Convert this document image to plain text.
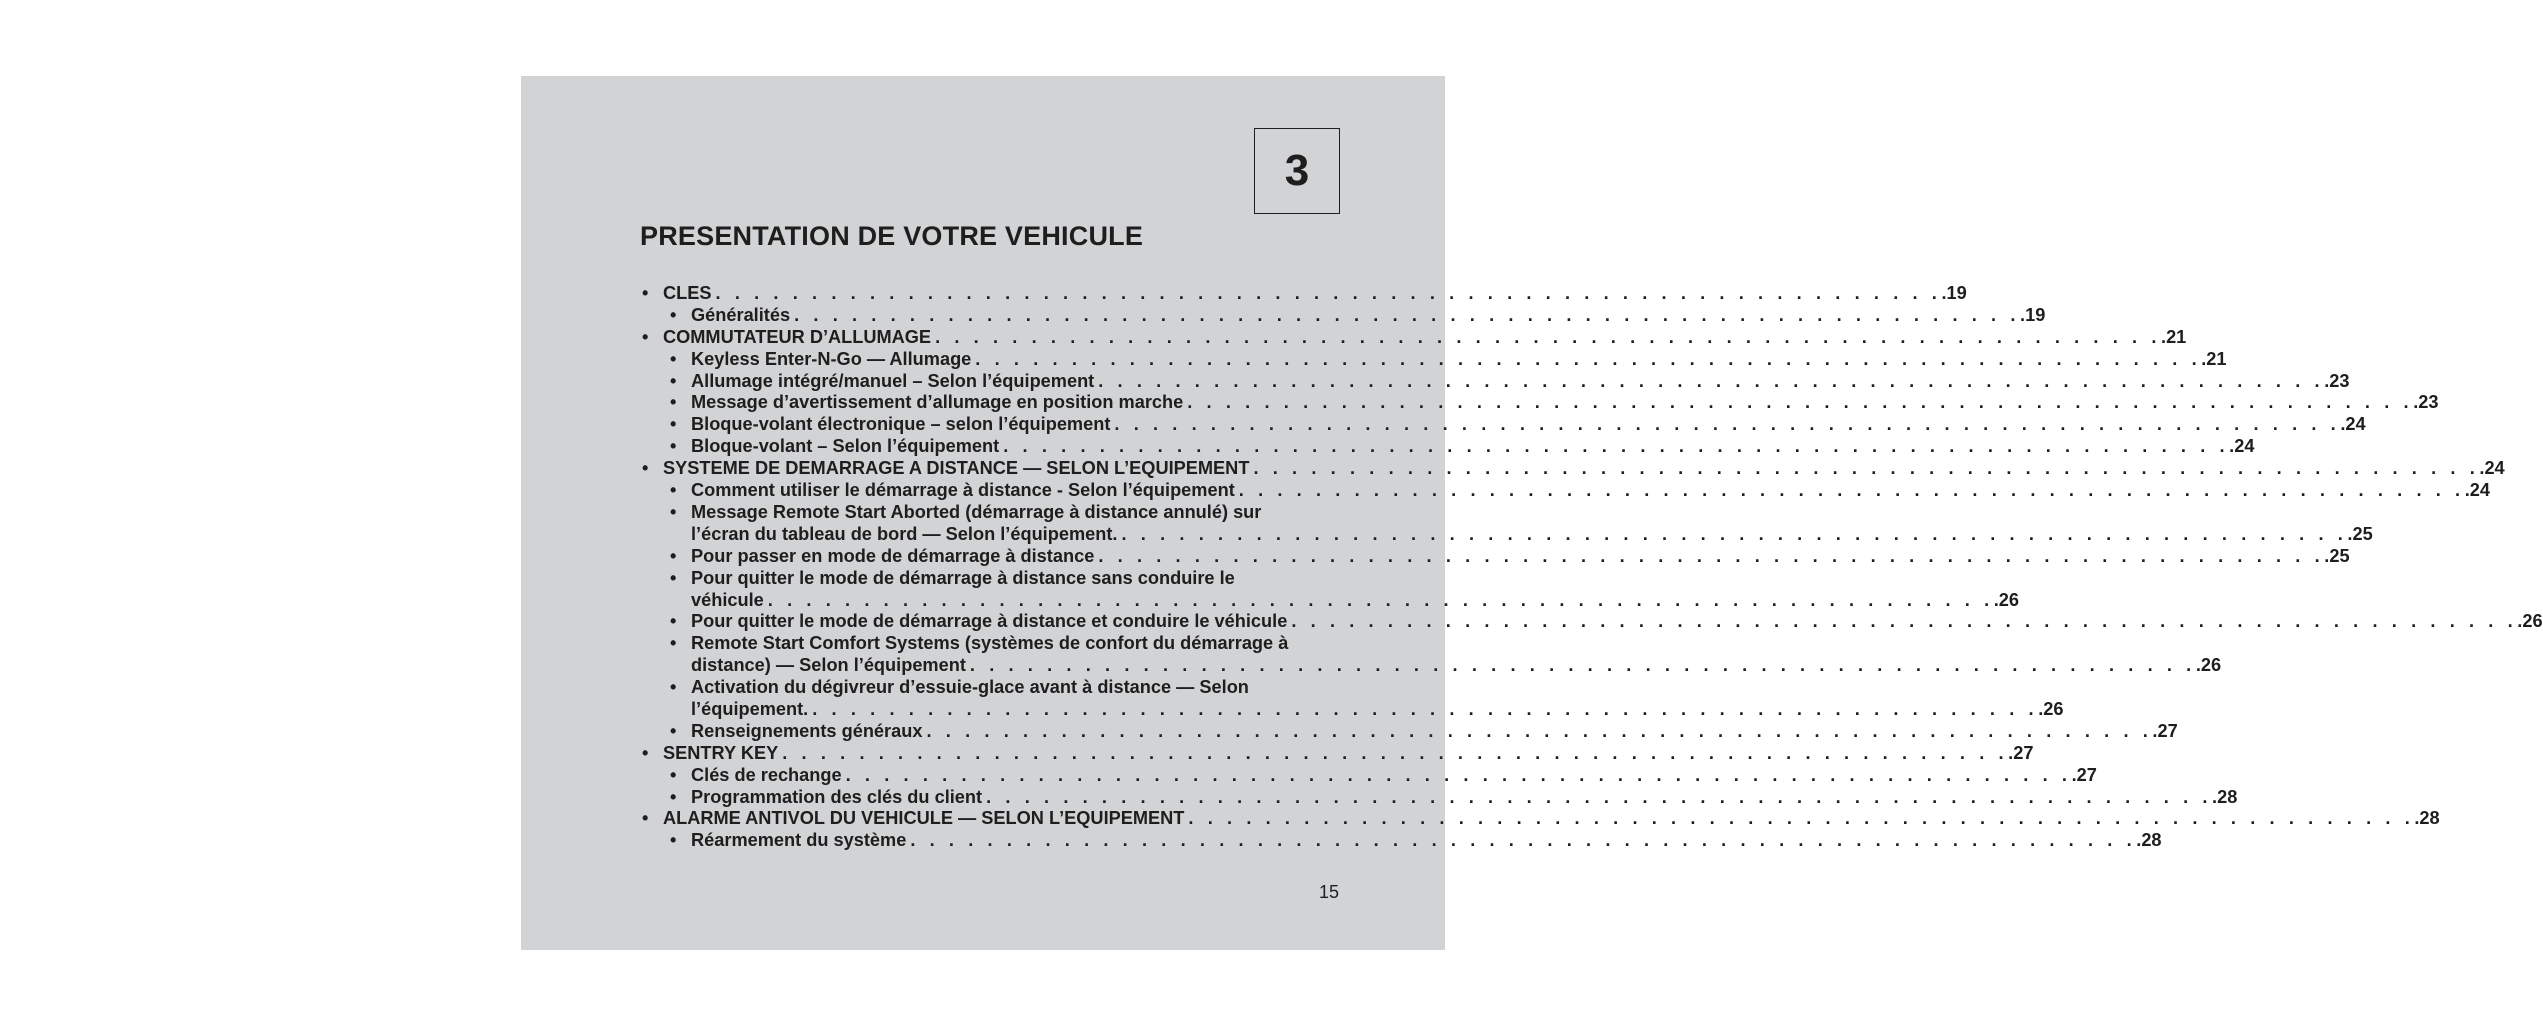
3
PRESENTATION DE VOTRE VEHICULE
• CLES . . . . . . . . . . . . . . . . . . . . . . . . . . . . . . . . . . . . . . . . . . . . . . . . . . . . . . . . . . . . . . . . .19
• Généralités . . . . . . . . . . . . . . . . . . . . . . . . . . . . . . . . . . . . . . . . . . . . . . . . . . . . . . . . . . . . . . . . .19
• COMMUTATEUR D’ALLUMAGE . . . . . . . . . . . . . . . . . . . . . . . . . . . . . . . . . . . . . . . . . . . . . . . . . . . . . . . . . . . . . . . . .21
• Keyless Enter-N-Go — Allumage . . . . . . . . . . . . . . . . . . . . . . . . . . . . . . . . . . . . . . . . . . . . . . . . . . . . . . . . . . . . . . . . .21
• Allumage intégré/manuel – Selon l’équipement . . . . . . . . . . . . . . . . . . . . . . . . . . . . . . . . . . . . . . . . . . . . . . . . . . . . . . . . . . . . . . . . .23
• Message d’avertissement d’allumage en position marche . . . . . . . . . . . . . . . . . . . . . . . . . . . . . . . . . . . . . . . . . . . . . . . . . . . . . . . . . . . . . . . . .23
• Bloque-volant électronique – selon l’équipement . . . . . . . . . . . . . . . . . . . . . . . . . . . . . . . . . . . . . . . . . . . . . . . . . . . . . . . . . . . . . . . . .24
• Bloque-volant – Selon l’équipement . . . . . . . . . . . . . . . . . . . . . . . . . . . . . . . . . . . . . . . . . . . . . . . . . . . . . . . . . . . . . . . . .24
• SYSTEME DE DEMARRAGE A DISTANCE — SELON L’EQUIPEMENT . . . . . . . . . . . . . . . . . . . . . . . . . . . . . . . . . . . . . . . . . . . . . . . . . . . . . . . . . . . . . . . . .24
• Comment utiliser le démarrage à distance - Selon l’équipement . . . . . . . . . . . . . . . . . . . . . . . . . . . . . . . . . . . . . . . . . . . . . . . . . . . . . . . . . . . . . . . . .24
• Message Remote Start Aborted (démarrage à distance annulé) sur
l’écran du tableau de bord — Selon l’équipement. . . . . . . . . . . . . . . . . . . . . . . . . . . . . . . . . . . . . . . . . . . . . . . . . . . . . . . . . . . . . . . . . .25
• Pour passer en mode de démarrage à distance . . . . . . . . . . . . . . . . . . . . . . . . . . . . . . . . . . . . . . . . . . . . . . . . . . . . . . . . . . . . . . . . .25
• Pour quitter le mode de démarrage à distance sans conduire le
véhicule . . . . . . . . . . . . . . . . . . . . . . . . . . . . . . . . . . . . . . . . . . . . . . . . . . . . . . . . . . . . . . . . .26
• Pour quitter le mode de démarrage à distance et conduire le véhicule . . . . . . . . . . . . . . . . . . . . . . . . . . . . . . . . . . . . . . . . . . . . . . . . . . . . . . . . . . . . . . . . .26
• Remote Start Comfort Systems (systèmes de confort du démarrage à
distance) — Selon l’équipement . . . . . . . . . . . . . . . . . . . . . . . . . . . . . . . . . . . . . . . . . . . . . . . . . . . . . . . . . . . . . . . . .26
• Activation du dégivreur d’essuie-glace avant à distance — Selon
l’équipement. . . . . . . . . . . . . . . . . . . . . . . . . . . . . . . . . . . . . . . . . . . . . . . . . . . . . . . . . . . . . . . . . .26
• Renseignements généraux . . . . . . . . . . . . . . . . . . . . . . . . . . . . . . . . . . . . . . . . . . . . . . . . . . . . . . . . . . . . . . . . .27
• SENTRY KEY . . . . . . . . . . . . . . . . . . . . . . . . . . . . . . . . . . . . . . . . . . . . . . . . . . . . . . . . . . . . . . . . .27
• Clés de rechange . . . . . . . . . . . . . . . . . . . . . . . . . . . . . . . . . . . . . . . . . . . . . . . . . . . . . . . . . . . . . . . . .27
• Programmation des clés du client . . . . . . . . . . . . . . . . . . . . . . . . . . . . . . . . . . . . . . . . . . . . . . . . . . . . . . . . . . . . . . . . .28
• ALARME ANTIVOL DU VEHICULE — SELON L’EQUIPEMENT . . . . . . . . . . . . . . . . . . . . . . . . . . . . . . . . . . . . . . . . . . . . . . . . . . . . . . . . . . . . . . . . .28
• Réarmement du système . . . . . . . . . . . . . . . . . . . . . . . . . . . . . . . . . . . . . . . . . . . . . . . . . . . . . . . . . . . . . . . . .28
15
